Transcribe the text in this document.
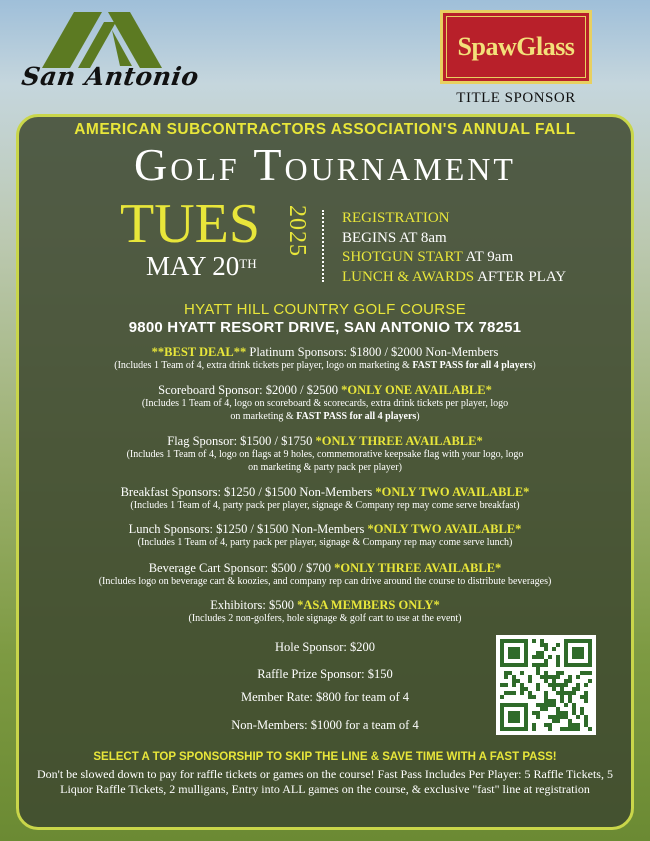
San Antonio
SpawGlass
TITLE SPONSOR
AMERICAN SUBCONTRACTORS ASSOCIATION'S ANNUAL FALL
Golf Tournament
TUES
MAY 20TH
2025 REGISTRATION
BEGINS AT 8am
SHOTGUN START AT 9am
LUNCH & AWARDS AFTER PLAY
HYATT HILL COUNTRY GOLF COURSE
9800 HYATT RESORT DRIVE, SAN ANTONIO TX 78251
**BEST DEAL** Platinum Sponsors: $1800 / $2000 Non-Members
(Includes 1 Team of 4, extra drink tickets per player, logo on marketing & FAST PASS for all 4 players)
Scoreboard Sponsor: $2000 / $2500 *ONLY ONE AVAILABLE*
(Includes 1 Team of 4, logo on scoreboard & scorecards, extra drink tickets per player, logo on marketing & FAST PASS for all 4 players)
Flag Sponsor: $1500 / $1750 *ONLY THREE AVAILABLE*
(Includes 1 Team of 4, logo on flags at 9 holes, commemorative keepsake flag with your logo, logo on marketing & party pack per player)
Breakfast Sponsors: $1250 / $1500 Non-Members *ONLY TWO AVAILABLE*
(Includes 1 Team of 4, party pack per player, signage & Company rep may come serve breakfast)
Lunch Sponsors: $1250 / $1500 Non-Members *ONLY TWO AVAILABLE*
(Includes 1 Team of 4, party pack per player, signage & Company rep may come serve lunch)
Beverage Cart Sponsor: $500 / $700 *ONLY THREE AVAILABLE*
(Includes logo on beverage cart & koozies, and company rep can drive around the course to distribute beverages)
Exhibitors: $500 *ASA MEMBERS ONLY*
(Includes 2 non-golfers, hole signage & golf cart to use at the event)
Hole Sponsor: $200
Raffle Prize Sponsor: $150
Member Rate: $800 for team of 4
Non-Members: $1000 for a team of 4
SELECT A TOP SPONSORSHIP TO SKIP THE LINE & SAVE TIME WITH A FAST PASS!
Don't be slowed down to pay for raffle tickets or games on the course! Fast Pass Includes Per Player: 5 Raffle Tickets, 5 Liquor Raffle Tickets, 2 mulligans, Entry into ALL games on the course, & exclusive "fast" line at registration
